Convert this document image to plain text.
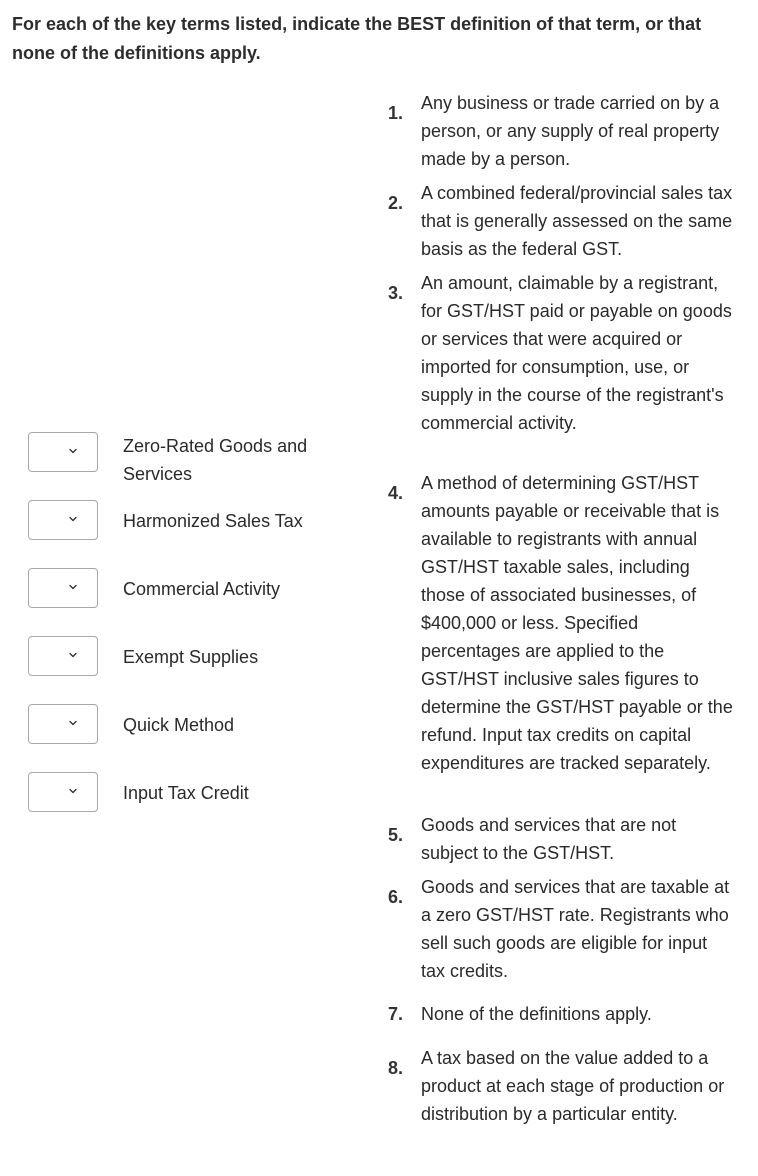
For each of the key terms listed, indicate the BEST definition of that term, or that none of the definitions apply.

Zero-Rated Goods and Services
Harmonized Sales Tax
Commercial Activity
Exempt Supplies
Quick Method
Input Tax Credit
1. Any business or trade carried on by a person, or any supply of real property made by a person.
2. A combined federal/provincial sales tax that is generally assessed on the same basis as the federal GST.
3. An amount, claimable by a registrant, for GST/HST paid or payable on goods or services that were acquired or imported for consumption, use, or supply in the course of the registrant's commercial activity.
4. A method of determining GST/HST amounts payable or receivable that is available to registrants with annual GST/HST taxable sales, including those of associated businesses, of $400,000 or less. Specified percentages are applied to the GST/HST inclusive sales figures to determine the GST/HST payable or the refund. Input tax credits on capital expenditures are tracked separately.
5. Goods and services that are not subject to the GST/HST.
6. Goods and services that are taxable at a zero GST/HST rate. Registrants who sell such goods are eligible for input tax credits.
7. None of the definitions apply.
8. A tax based on the value added to a product at each stage of production or distribution by a particular entity.
